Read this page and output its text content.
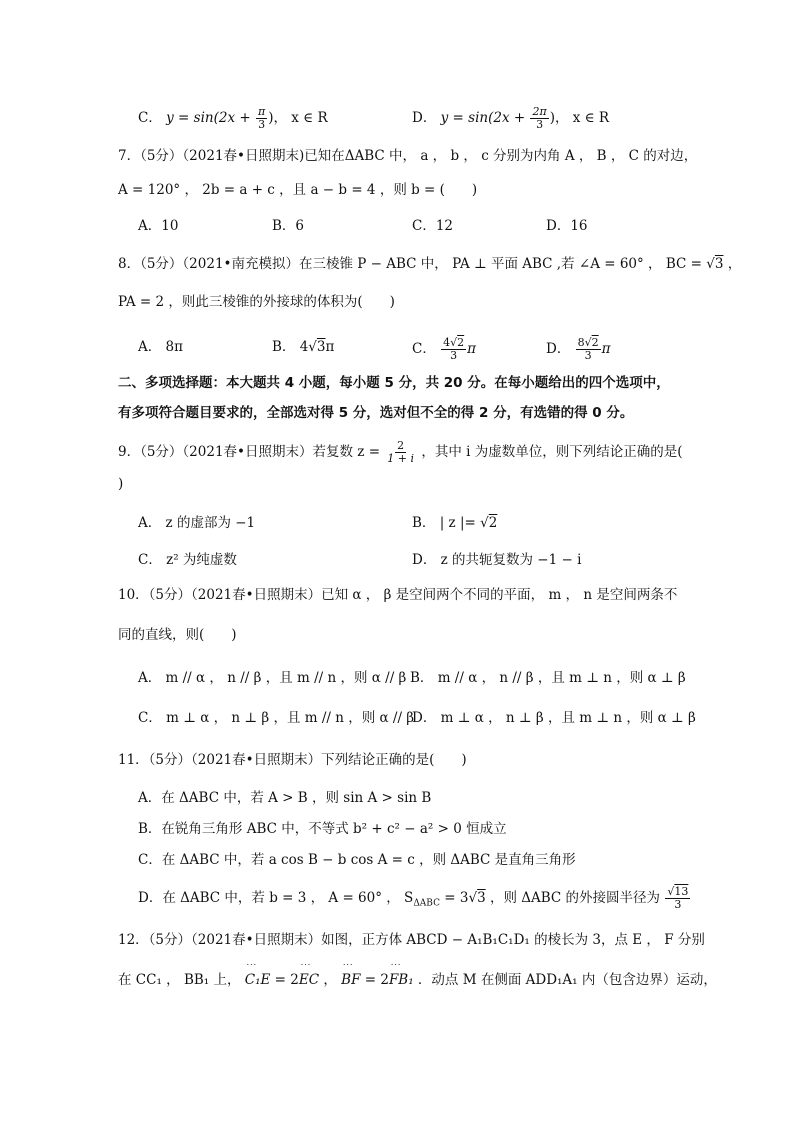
C． $y = \sin(2x + \frac{\pi}{3}$ )， x ∈ R	D． $y = \sin(2x + \frac{2\pi}{3}$ )， x ∈ R
7．（5分）（2021春•日照期末)已知在ΔABC 中， a ， b ， c 分别为内角 A ， B ， C 的对边，
A = 120° ， 2b = a + c ，且 a − b = 4 ，则 b = (　　)
A．10	B．6	C．12	D．16
8．（5分）（2021•南充模拟）在三棱锥 P − ABC 中， PA ⊥ 平面 ABC ,若 ∠A = 60° ， BC = √3 ，
PA = 2 ，则此三棱锥的外接球的体积为(　　)
A． 8π	B． 4√3π	C． $\frac{4√2}{3}$ π	D． $\frac{8√2}{3}$ π
二、多项选择题：本大题共 4 小题，每小题 5 分，共 20 分。在每小题给出的四个选项中，
有多项符合题目要求的，全部选对得 5 分，选对但不全的得 2 分，有选错的得 0 分。
9．（5分）（2021春•日照期末）若复数 $z = \frac{2}{1 + i}$ ，其中 i 为虚数单位，则下列结论正确的是(
)
A． z 的虚部为 −1	B． | z |= √2
C． z² 为纯虚数	D． z 的共轭复数为 −1 − i
10．（5分）（2021春•日照期末）已知 α ， β 是空间两个不同的平面， m ， n 是空间两条不
同的直线，则(　　)
A． m // α ， n // β ，且 m // n ，则 α // β B． m // α ， n // β ，且 m ⊥ n ，则 α ⊥ β
C． m ⊥ α ， n ⊥ β ，且 m // n ，则 α // β
D． m ⊥ α ， n ⊥ β ，且 m ⊥ n ，则 α ⊥ β
11．（5分）（2021春•日照期末）下列结论正确的是(　　)
A．在 ΔABC 中，若 A > B ，则 sin A > sin B
B．在锐角三角形 ABC 中，不等式 b² + c² − a² > 0 恒成立
C．在 ΔABC 中，若 a cos B − b cos A = c ，则 ΔABC 是直角三角形
D．在 ΔABC 中，若 b = 3 ， A = 60° ， $S_{\Delta ABC} = 3√3$ ，则 ΔABC 的外接圆半径为 $\frac{√13}{3}$
12．（5分）（2021春•日照期末）如图，正方体 ABCD − A₁B₁C₁D₁ 的棱长为 3，点 E ， F 分别
在 CC₁ ， BB₁ 上， ˙˙˙ C₁E = 2˙˙˙ EC ， ˙˙˙ BF = 2˙˙˙ FB₁ ．动点 M 在侧面 ADD₁A₁ 内（包含边界）运动，
